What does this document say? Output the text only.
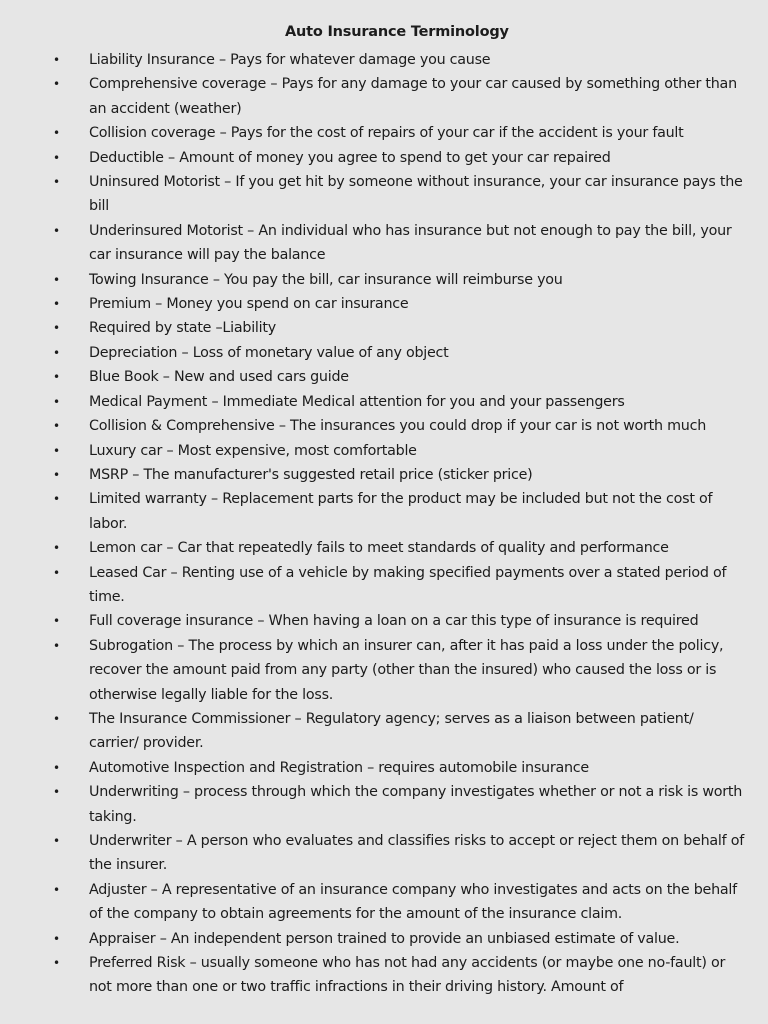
Auto Insurance Terminology
• Liability Insurance – Pays for whatever damage you cause
• Comprehensive coverage – Pays for any damage to your car caused by something other than an accident (weather)
• Collision coverage – Pays for the cost of repairs of your car if the accident is your fault
• Deductible – Amount of money you agree to spend to get your car repaired
• Uninsured Motorist – If you get hit by someone without insurance, your car insurance pays the bill
• Underinsured Motorist – An individual who has insurance but not enough to pay the bill, your car insurance will pay the balance
• Towing Insurance – You pay the bill, car insurance will reimburse you
• Premium – Money you spend on car insurance
• Required by state –Liability
• Depreciation – Loss of monetary value of any object
• Blue Book – New and used cars guide
• Medical Payment – Immediate Medical attention for you and your passengers
• Collision & Comprehensive – The insurances you could drop if your car is not worth much
• Luxury car – Most expensive, most comfortable
• MSRP – The manufacturer's suggested retail price (sticker price)
• Limited warranty – Replacement parts for the product may be included but not the cost of labor.
• Lemon car – Car that repeatedly fails to meet standards of quality and performance
• Leased Car – Renting use of a vehicle by making specified payments over a stated period of time.
• Full coverage insurance – When having a loan on a car this type of insurance is required
• Subrogation – The process by which an insurer can, after it has paid a loss under the policy, recover the amount paid from any party (other than the insured) who caused the loss or is otherwise legally liable for the loss.
• The Insurance Commissioner – Regulatory agency; serves as a liaison between patient/ carrier/ provider.
• Automotive Inspection and Registration – requires automobile insurance
• Underwriting – process through which the company investigates whether or not a risk is worth taking.
• Underwriter – A person who evaluates and classifies risks to accept or reject them on behalf of the insurer.
• Adjuster – A representative of an insurance company who investigates and acts on the behalf of the company to obtain agreements for the amount of the insurance claim.
• Appraiser – An independent person trained to provide an unbiased estimate of value.
• Preferred Risk – usually someone who has not had any accidents (or maybe one no-fault) or not more than one or two traffic infractions in their driving history. Amount of
